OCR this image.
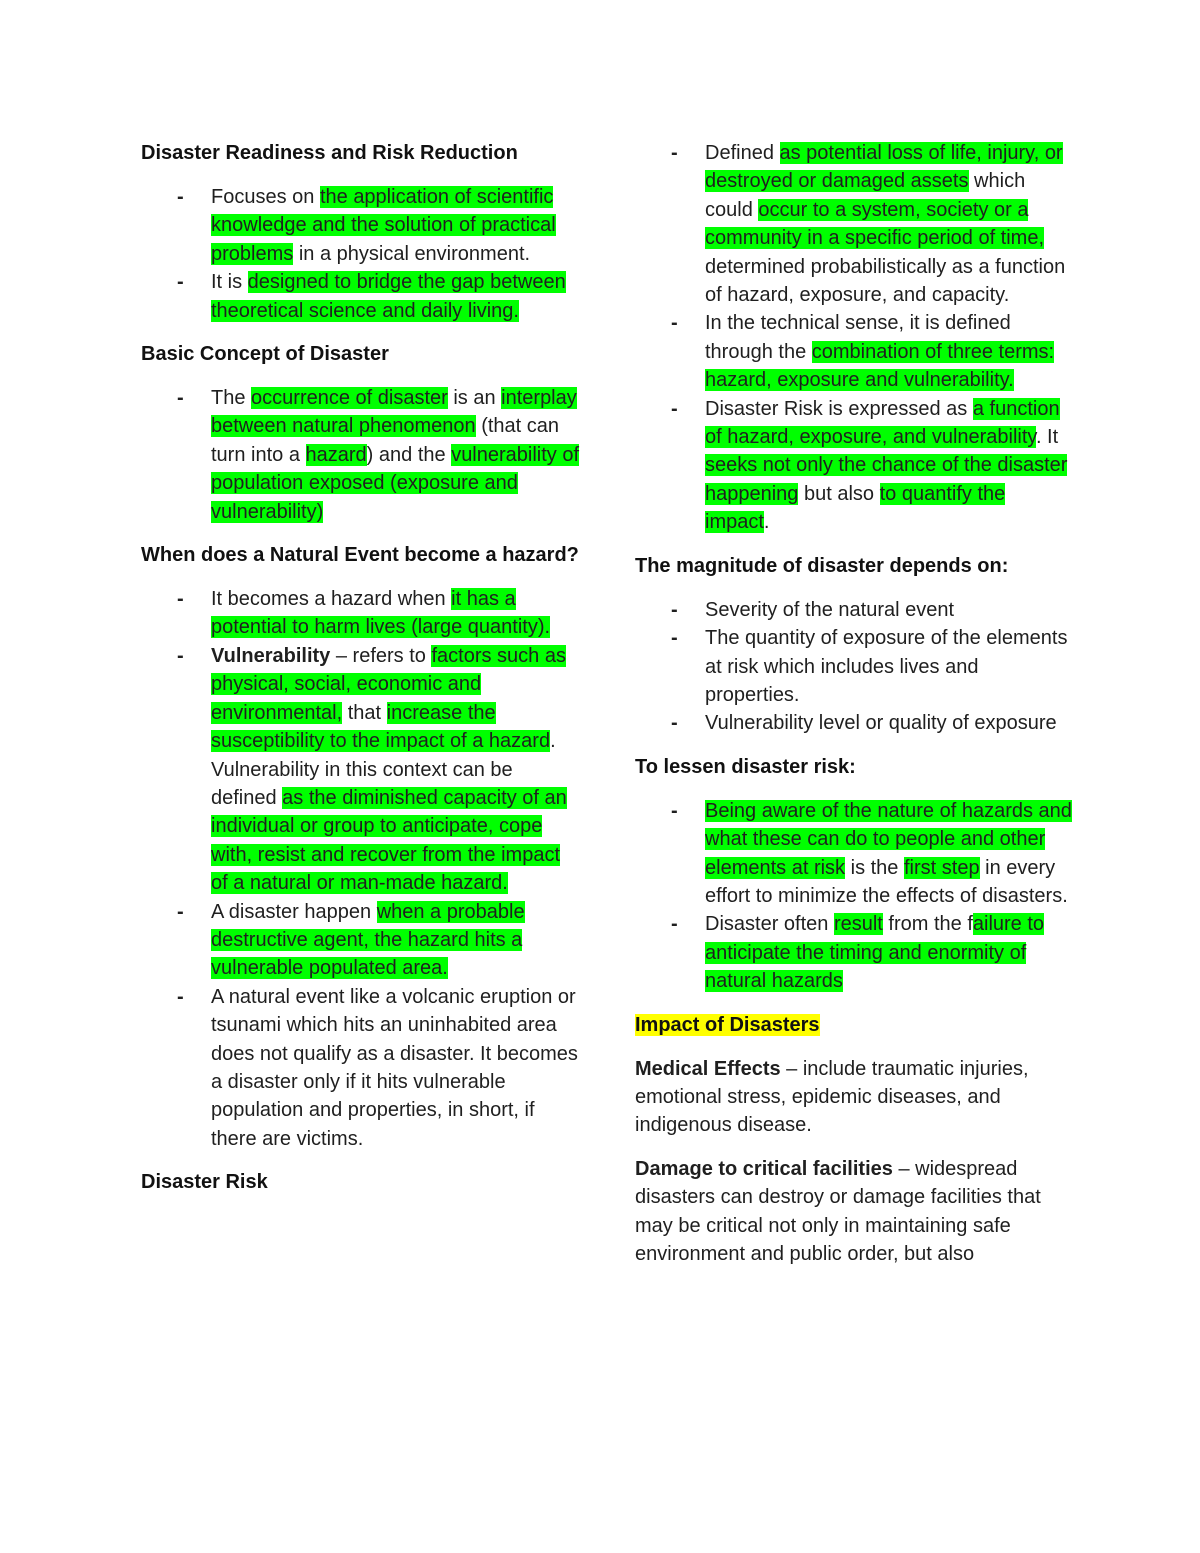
Disaster Readiness and Risk Reduction
- Focuses on the application of scientific knowledge and the solution of practical problems in a physical environment.
- It is designed to bridge the gap between theoretical science and daily living.
Basic Concept of Disaster
- The occurrence of disaster is an interplay between natural phenomenon (that can turn into a hazard) and the vulnerability of population exposed (exposure and vulnerability)
When does a Natural Event become a hazard?
- It becomes a hazard when it has a potential to harm lives (large quantity).
- Vulnerability – refers to factors such as physical, social, economic and environmental, that increase the susceptibility to the impact of a hazard. Vulnerability in this context can be defined as the diminished capacity of an individual or group to anticipate, cope with, resist and recover from the impact of a natural or man-made hazard.
- A disaster happen when a probable destructive agent, the hazard hits a vulnerable populated area.
- A natural event like a volcanic eruption or tsunami which hits an uninhabited area does not qualify as a disaster. It becomes a disaster only if it hits vulnerable population and properties, in short, if there are victims.
Disaster Risk
- Defined as potential loss of life, injury, or destroyed or damaged assets which could occur to a system, society or a community in a specific period of time, determined probabilistically as a function of hazard, exposure, and capacity.
- In the technical sense, it is defined through the combination of three terms: hazard, exposure and vulnerability.
- Disaster Risk is expressed as a function of hazard, exposure, and vulnerability. It seeks not only the chance of the disaster happening but also to quantify the impact.
The magnitude of disaster depends on:
- Severity of the natural event
- The quantity of exposure of the elements at risk which includes lives and properties.
- Vulnerability level or quality of exposure
To lessen disaster risk:
- Being aware of the nature of hazards and what these can do to people and other elements at risk is the first step in every effort to minimize the effects of disasters.
- Disaster often result from the failure to anticipate the timing and enormity of natural hazards
Impact of Disasters

Medical Effects – include traumatic injuries, emotional stress, epidemic diseases, and indigenous disease.

Damage to critical facilities – widespread disasters can destroy or damage facilities that may be critical not only in maintaining safe environment and public order, but also
